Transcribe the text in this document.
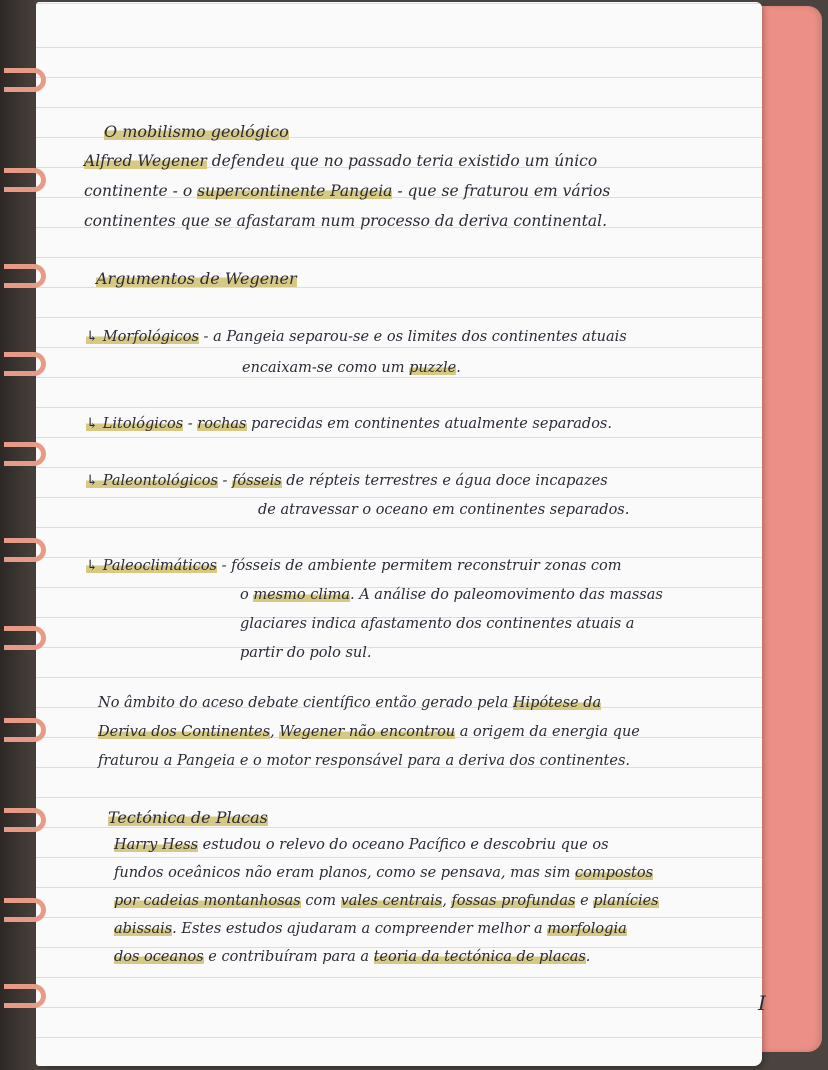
O mobilismo geológico
Alfred Wegener defendeu que no passado teria existido um único
continente - o supercontinente Pangeia - que se fraturou em vários
continentes que se afastaram num processo da deriva continental.
Argumentos de Wegener
↳ Morfológicos - a Pangeia separou-se e os limites dos continentes atuais
encaixam-se como um puzzle.
↳ Litológicos - rochas parecidas em continentes atualmente separados.
↳ Paleontológicos - fósseis de répteis terrestres e água doce incapazes
de atravessar o oceano em continentes separados.
↳ Paleoclimáticos - fósseis de ambiente permitem reconstruir zonas com
o mesmo clima. A análise do paleomovimento das massas
glaciares indica afastamento dos continentes atuais a
partir do polo sul.
No âmbito do aceso debate científico então gerado pela Hipótese da
Deriva dos Continentes, Wegener não encontrou a origem da energia que
fraturou a Pangeia e o motor responsável para a deriva dos continentes.
Tectónica de Placas
Harry Hess estudou o relevo do oceano Pacífico e descobriu que os
fundos oceânicos não eram planos, como se pensava, mas sim compostos
por cadeias montanhosas com vales centrais, fossas profundas e planícies
abissais. Estes estudos ajudaram a compreender melhor a morfologia
dos oceanos e contribuíram para a teoria da tectónica de placas.
I
